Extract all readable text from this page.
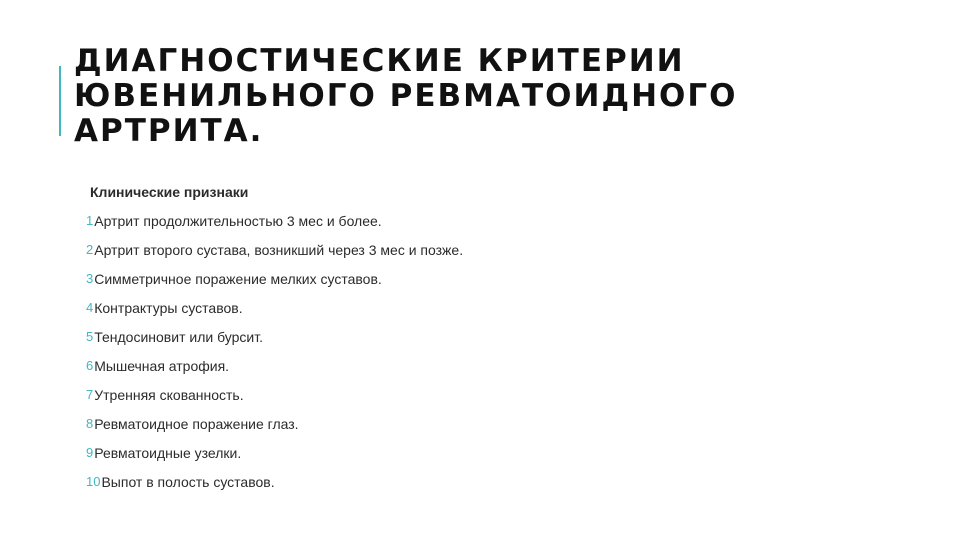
ДИАГНОСТИЧЕСКИЕ КРИТЕРИИ
ЮВЕНИЛЬНОГО РЕВМАТОИДНОГО
АРТРИТА.

Клинические признаки

1 Артрит продолжительностью 3 мес и более.
2 Артрит второго сустава, возникший через 3 мес и позже.
3 Симметричное поражение мелких суставов.
4 Контрактуры суставов.
5 Тендосиновит или бурсит.
6 Мышечная атрофия.
7 Утренняя скованность.
8 Ревматоидное поражение глаз.
9 Ревматоидные узелки.
10 Выпот в полость суставов.
